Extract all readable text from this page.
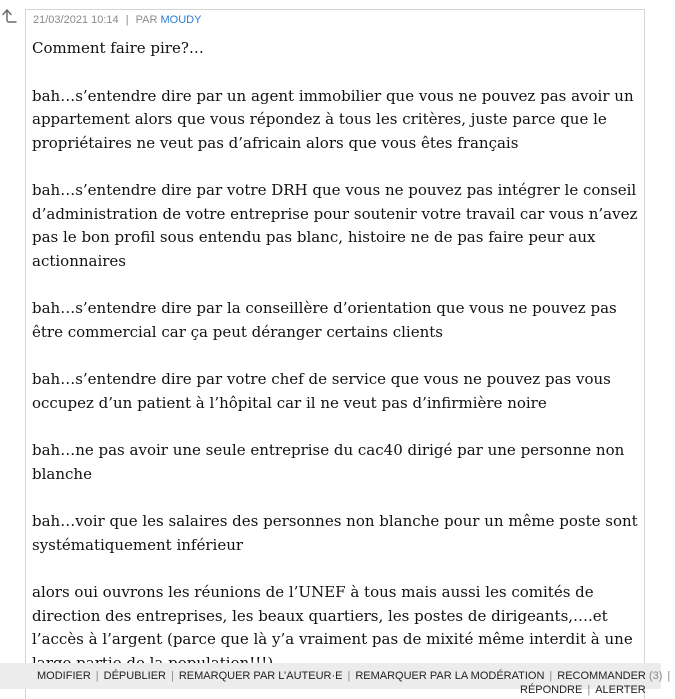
21/03/2021 10:14 | PAR MOUDY

Comment faire pire?…

bah…s’entendre dire par un agent immobilier que vous ne pouvez pas avoir un appartement alors que vous répondez à tous les critères, juste parce que le propriétaires ne veut pas d’africain alors que vous êtes français

bah…s’entendre dire par votre DRH que vous ne pouvez pas intégrer le conseil d’administration de votre entreprise pour soutenir votre travail car vous n’avez pas le bon profil sous entendu pas blanc, histoire ne de pas faire peur aux actionnaires

bah…s’entendre dire par la conseillère d’orientation que vous ne pouvez pas être commercial car ça peut déranger certains clients

bah…s’entendre dire par votre chef de service que vous ne pouvez pas vous occupez d’un patient à l’hôpital car il ne veut pas d’infirmière noire

bah…ne pas avoir une seule entreprise du cac40 dirigé par une personne non blanche

bah…voir que les salaires des personnes non blanche pour un même poste sont systématiquement inférieur

alors oui ouvrons les réunions de l’UNEF à tous mais aussi les comités de direction des entreprises, les beaux quartiers, les postes de dirigeants,….et l’accès à l’argent (parce que là y’a vraiment pas de mixité même interdit à une

MODIFIER | DÉPUBLIER | REMARQUER PAR L’AUTEUR·E | REMARQUER PAR LA MODÉRATION | RECOMMANDER (3) |
RÉPONDRE | ALERTER
